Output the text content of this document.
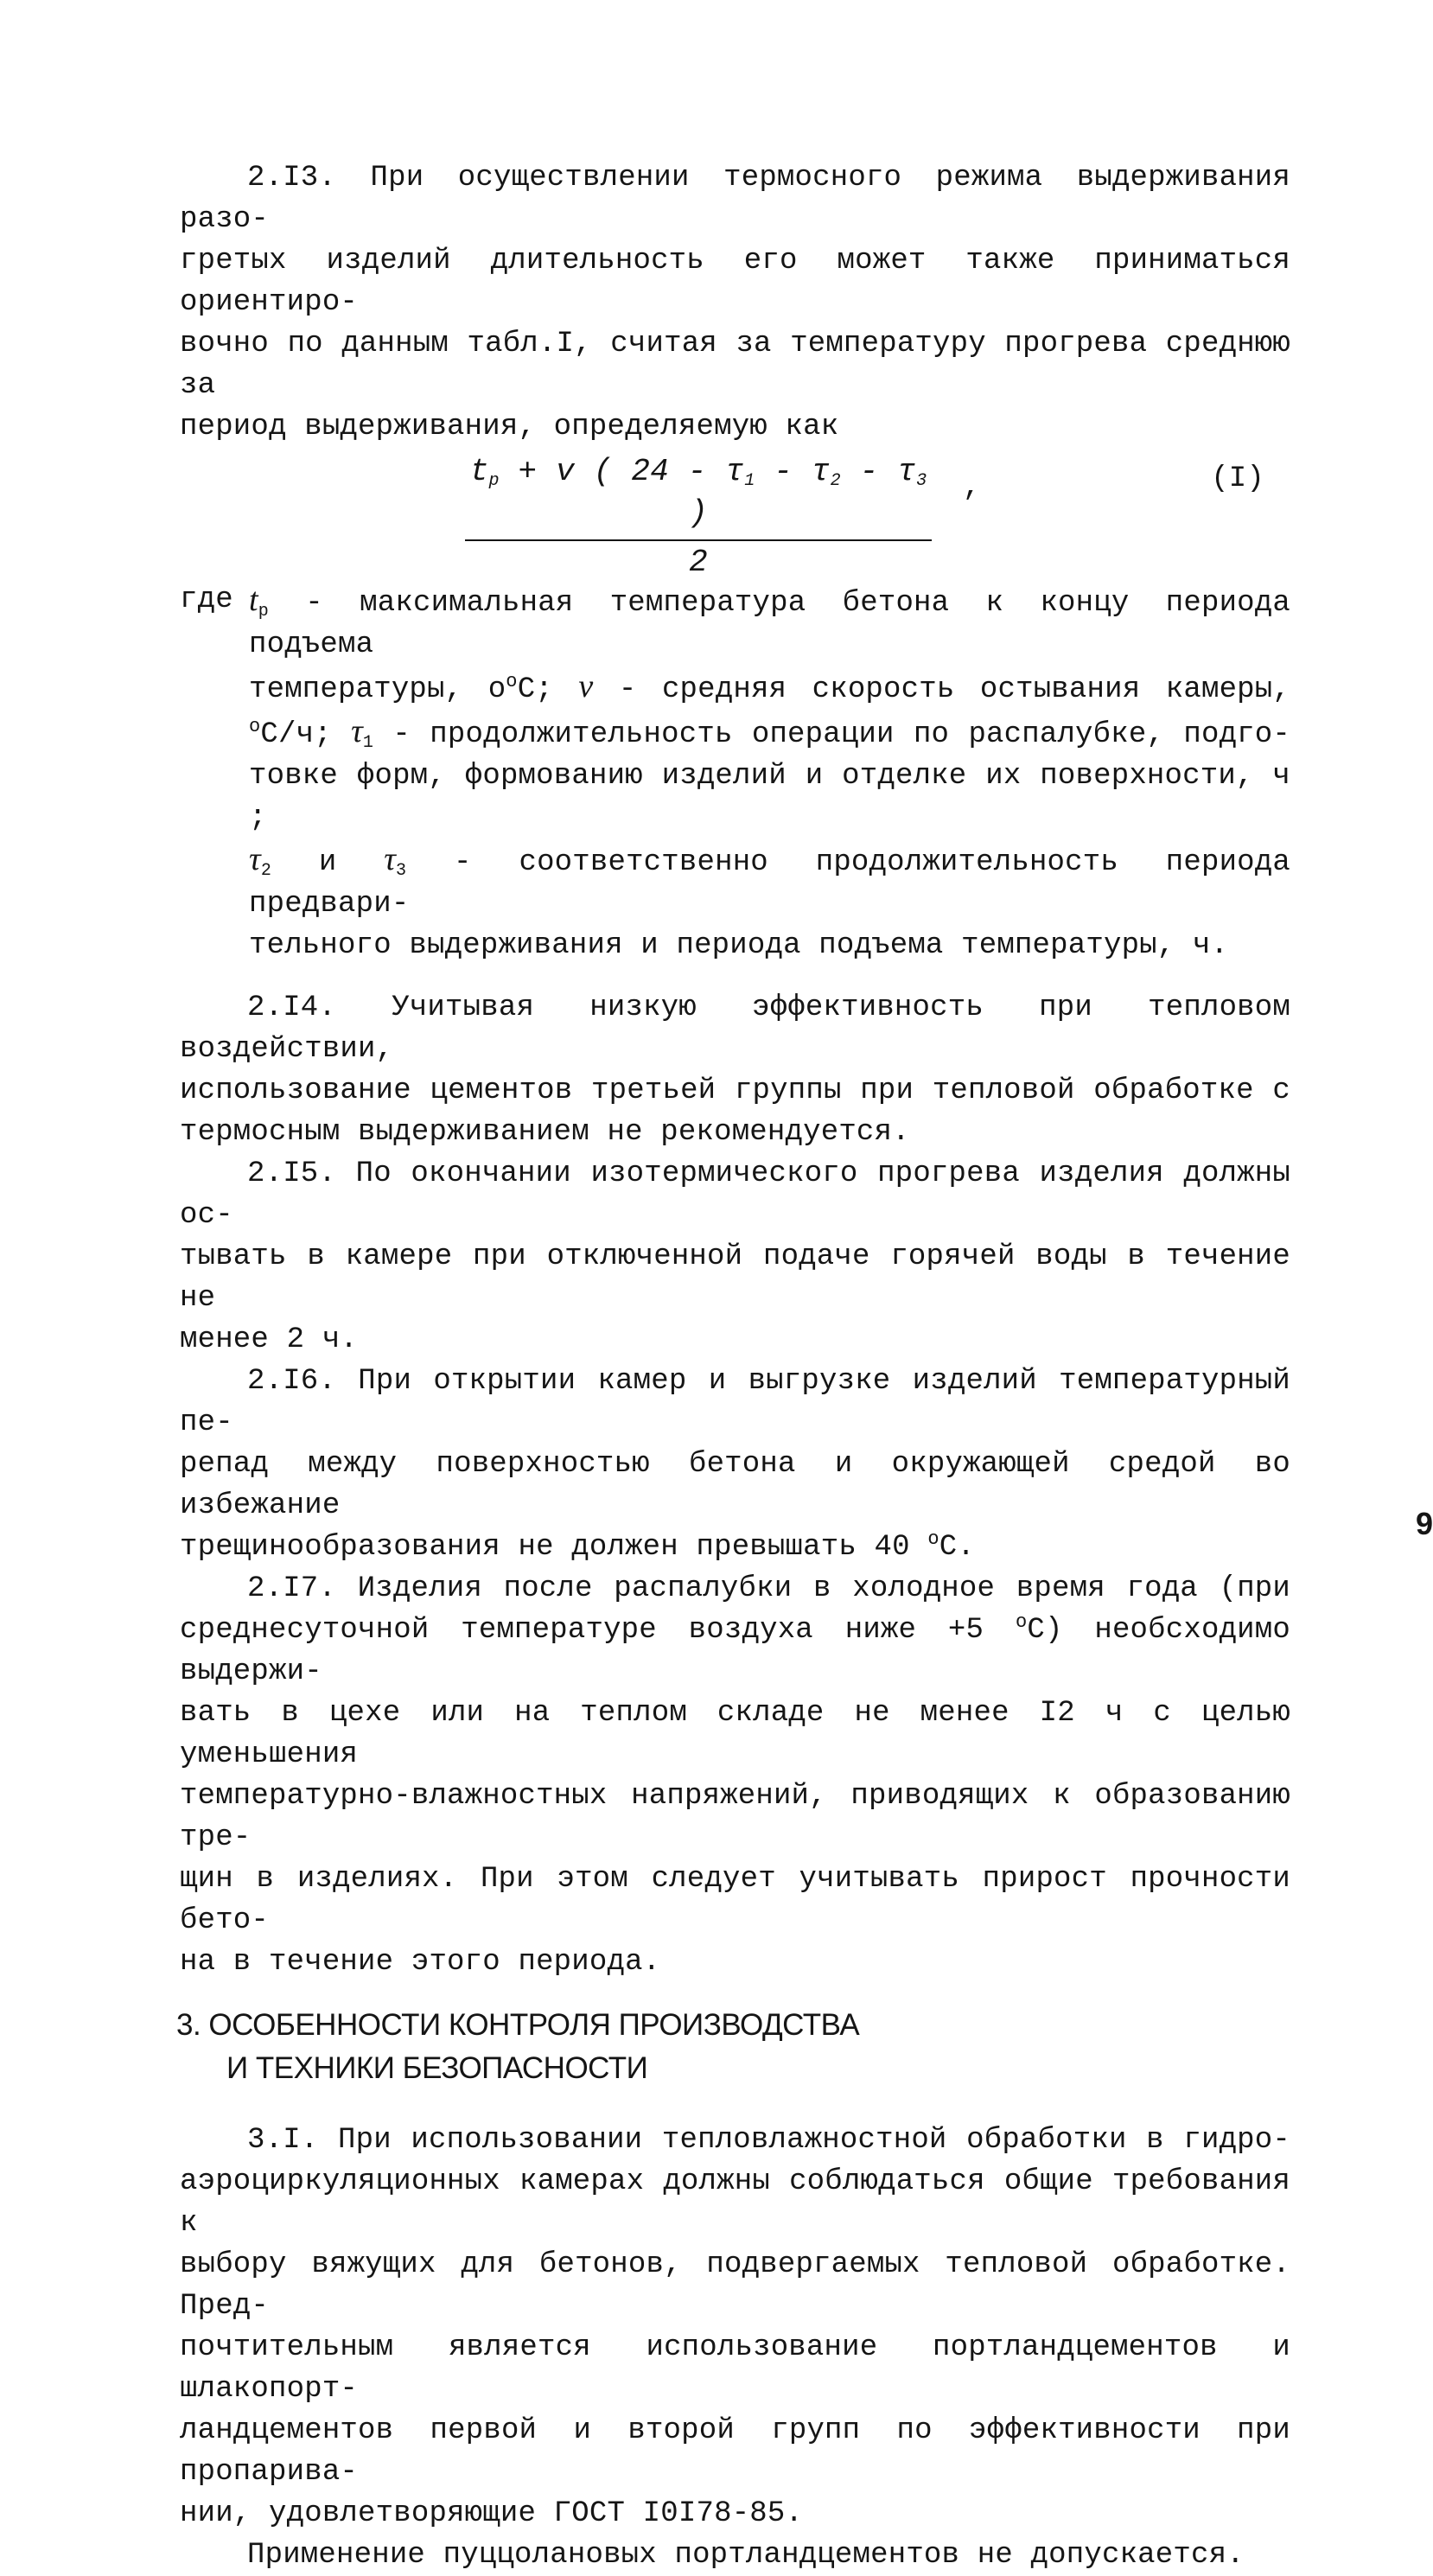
2.I3. При осуществлении термосного режима выдерживания разо-

гретых изделий длительность его может также приниматься ориентиро-

вочно по данным табл.I, считая за температуру прогрева среднюю за

период выдерживания, определяемую как

$\frac{t_p + v ( 24 - \tau_1 - \tau_2 - \tau_3 )}{2}$ ,	(I)
где $t_p$ - максимальная температура бетона к концу периода подъема

температуры, $о^оС$; v - средняя скорость остывания камеры,

$^о$С/ч; $\tau_1$ - продолжительность операции по распалубке, подго-

товке форм, формованию изделий и отделке их поверхности, ч ;

$\tau_2$ и $\tau_3$ - соответственно продолжительность периода предвари-

тельного выдерживания и периода подъема температуры, ч.

2.I4. Учитывая низкую эффективность при тепловом воздействии,

использование цементов третьей группы при тепловой обработке с

термосным выдерживанием не рекомендуется.

2.I5. По окончании изотермического прогрева изделия должны ос-

тывать в камере при отключенной подаче горячей воды в течение не

менее 2 ч.

2.I6. При открытии камер и выгрузке изделий температурный пе-

репад между поверхностью бетона и окружающей средой во избежание

трещинообразования не должен превышать 40 $^о$С.

2.I7. Изделия после распалубки в холодное время года (при

среднесуточной температуре воздуха ниже +5 $^о$С) необсходимо выдержи-

вать в цехе или на теплом складе не менее I2 ч с целью уменьшения

температурно-влажностных напряжений, приводящих к образованию тре-

щин в изделиях. При этом следует учитывать прирост прочности бето-

на в течение этого периода.

3. ОСОБЕННОСТИ КОНТРОЛЯ ПРОИЗВОДСТВА
И ТЕХНИКИ БЕЗОПАСНОСТИ

3.I. При использовании тепловлажностной обработки в гидро-

аэроциркуляционных камерах должны соблюдаться общие требования к

выбору вяжущих для бетонов, подвергаемых тепловой обработке. Пред-

почтительным является использование портландцементов и шлакопорт-

ландцементов первой и второй групп по эффективности при пропарива-

нии, удовлетворяющие ГОСТ I0I78-85.

Применение пуццолановых портландцементов не допускается.

9
